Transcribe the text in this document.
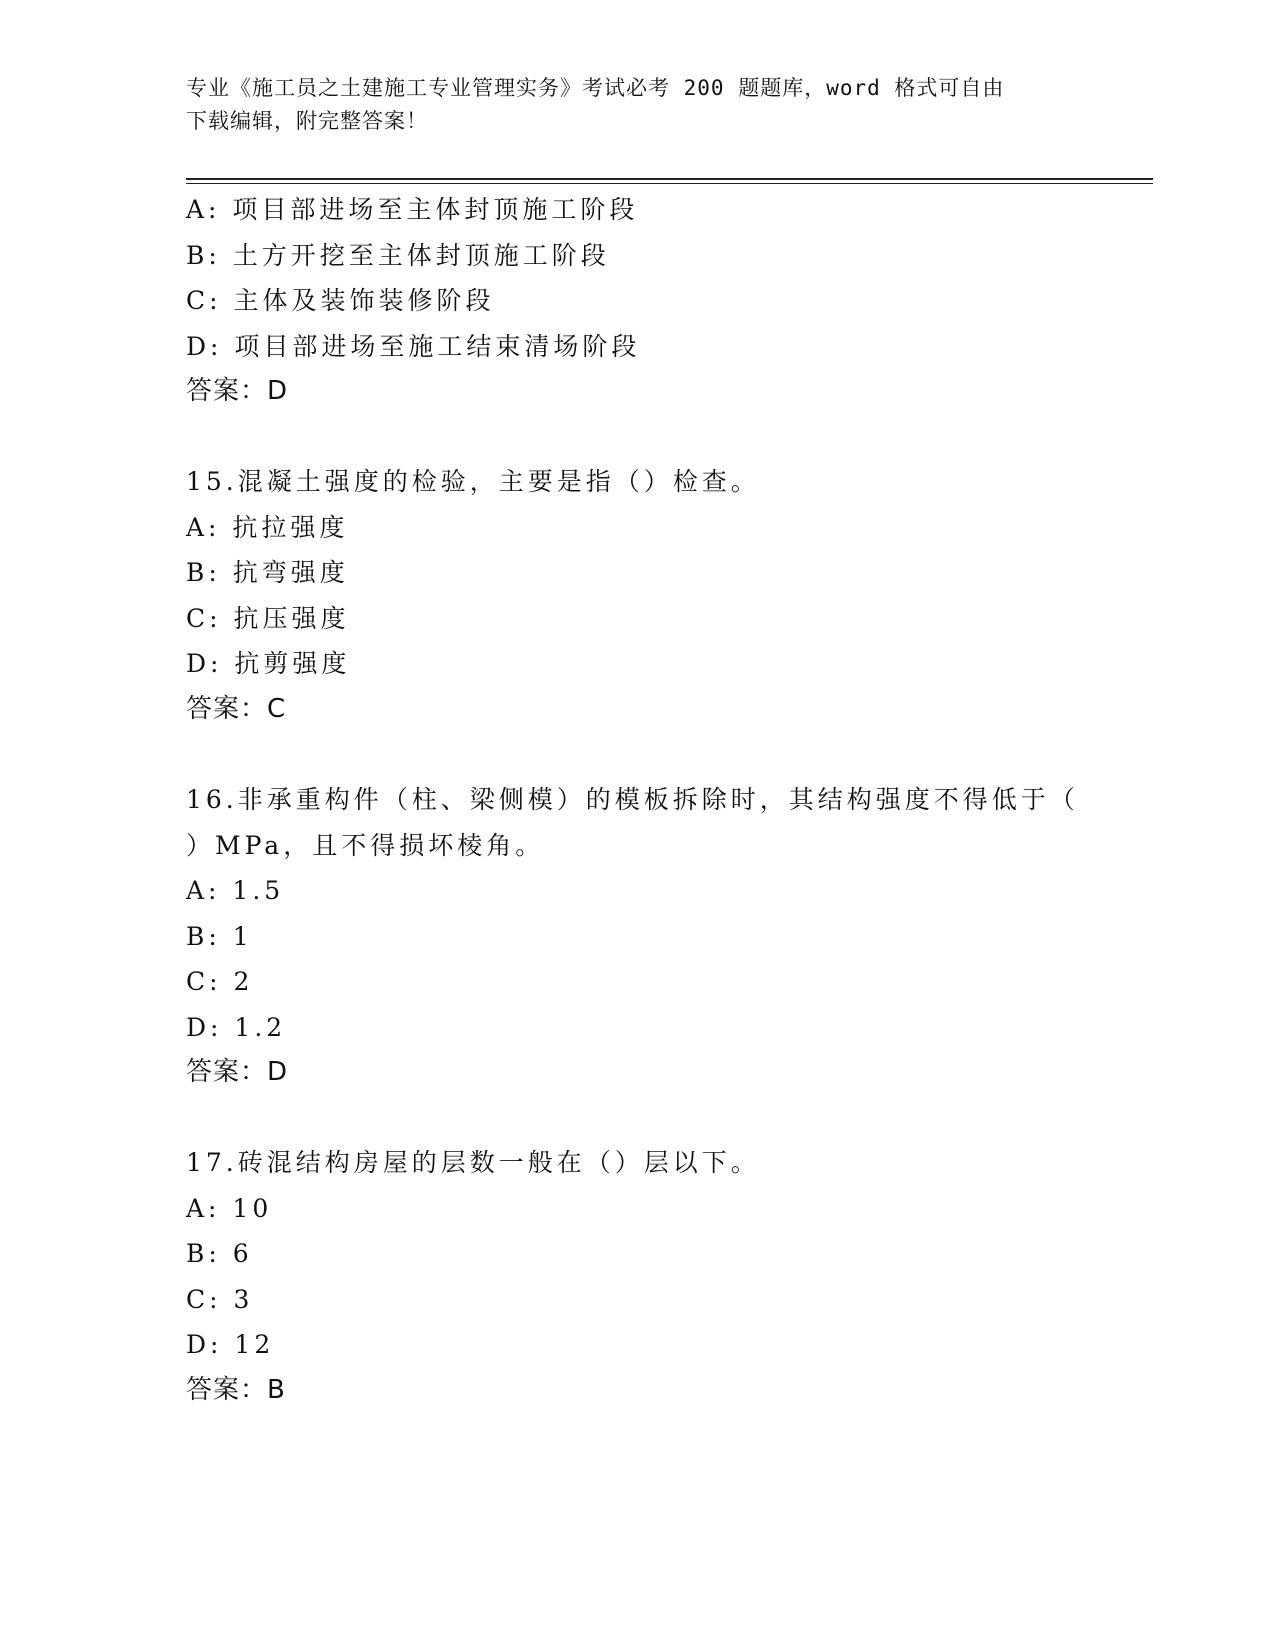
专业《施工员之土建施工专业管理实务》考试必考 200 题题库，word 格式可自由
下载编辑，附完整答案！
A: 项目部进场至主体封顶施工阶段
B: 土方开挖至主体封顶施工阶段
C: 主体及装饰装修阶段
D: 项目部进场至施工结束清场阶段
答案：D
15.混凝土强度的检验，主要是指（）检查。
A: 抗拉强度
B: 抗弯强度
C: 抗压强度
D: 抗剪强度
答案：C
16.非承重构件（柱、梁侧模）的模板拆除时，其结构强度不得低于（
）MPa，且不得损坏棱角。
A: 1.5
B: 1
C: 2
D: 1.2
答案：D
17.砖混结构房屋的层数一般在（）层以下。
A: 10
B: 6
C: 3
D: 12
答案：B
